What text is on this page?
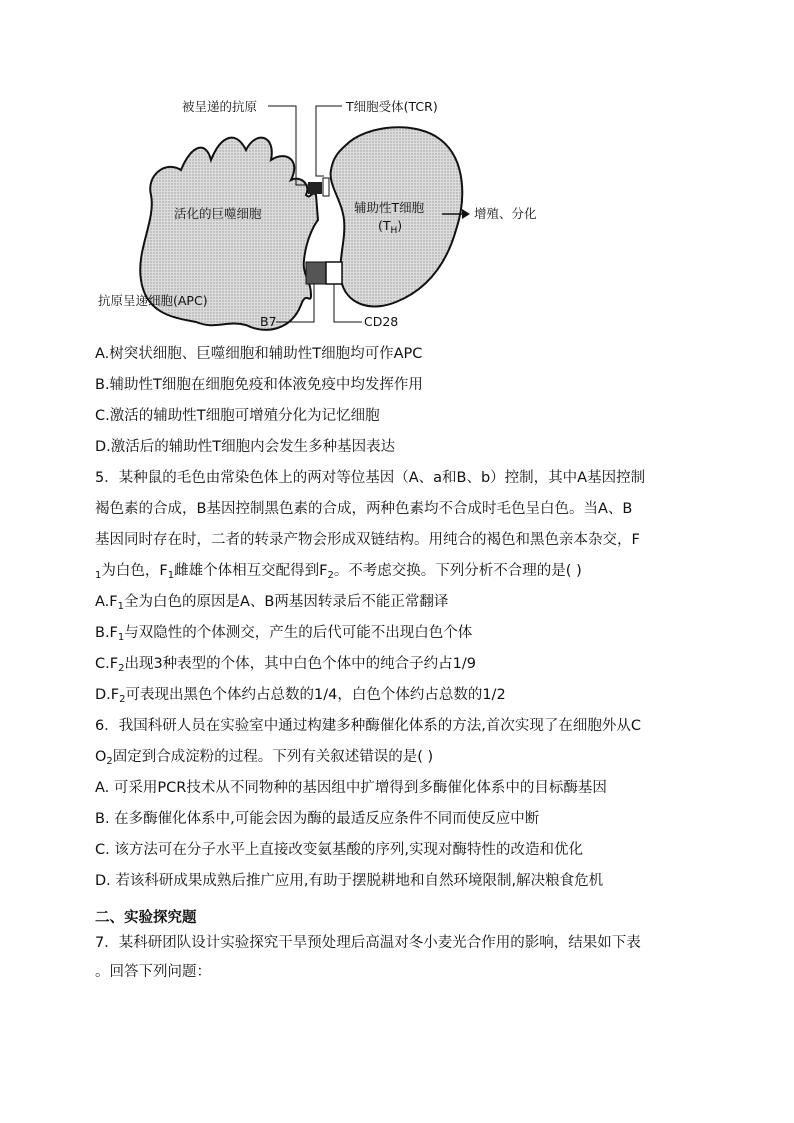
被呈递的抗原	T细胞受体(TCR)
活化的巨噬细胞	辅助性T细胞
$(T_H)$
增殖、分化
抗原呈递细胞(APC)
B7	CD28
A.树突状细胞、巨噬细胞和辅助性T细胞均可作APC
B.辅助性T细胞在细胞免疫和体液免疫中均发挥作用
C.激活的辅助性T细胞可增殖分化为记忆细胞
D.激活后的辅助性T细胞内会发生多种基因表达
5．某种鼠的毛色由常染色体上的两对等位基因（A、a和B、b）控制，其中A基因控制
褐色素的合成，B基因控制黑色素的合成，两种色素均不合成时毛色呈白色。当A、B
基因同时存在时，二者的转录产物会形成双链结构。用纯合的褐色和黑色亲本杂交，F
$_1$为白色，$F_1$雌雄个体相互交配得到$F_2$。不考虑交换。下列分析不合理的是( )
$A.F_1$全为白色的原因是A、B两基因转录后不能正常翻译
$B.F_1$与双隐性的个体测交，产生的后代可能不出现白色个体
$C.F_2$出现3种表型的个体，其中白色个体中的纯合子约占1/9
$D.F_2$可表现出黑色个体约占总数的1/4，白色个体约占总数的1/2
6．我国科研人员在实验室中通过构建多种酶催化体系的方法,首次实现了在细胞外从C
$O_2$固定到合成淀粉的过程。下列有关叙述错误的是( )
A. 可采用PCR技术从不同物种的基因组中扩增得到多酶催化体系中的目标酶基因
B. 在多酶催化体系中,可能会因为酶的最适反应条件不同而使反应中断
C. 该方法可在分子水平上直接改变氨基酸的序列,实现对酶特性的改造和优化
D. 若该科研成果成熟后推广应用,有助于摆脱耕地和自然环境限制,解决粮食危机
二、实验探究题
7．某科研团队设计实验探究干旱预处理后高温对冬小麦光合作用的影响，结果如下表
。回答下列问题：
